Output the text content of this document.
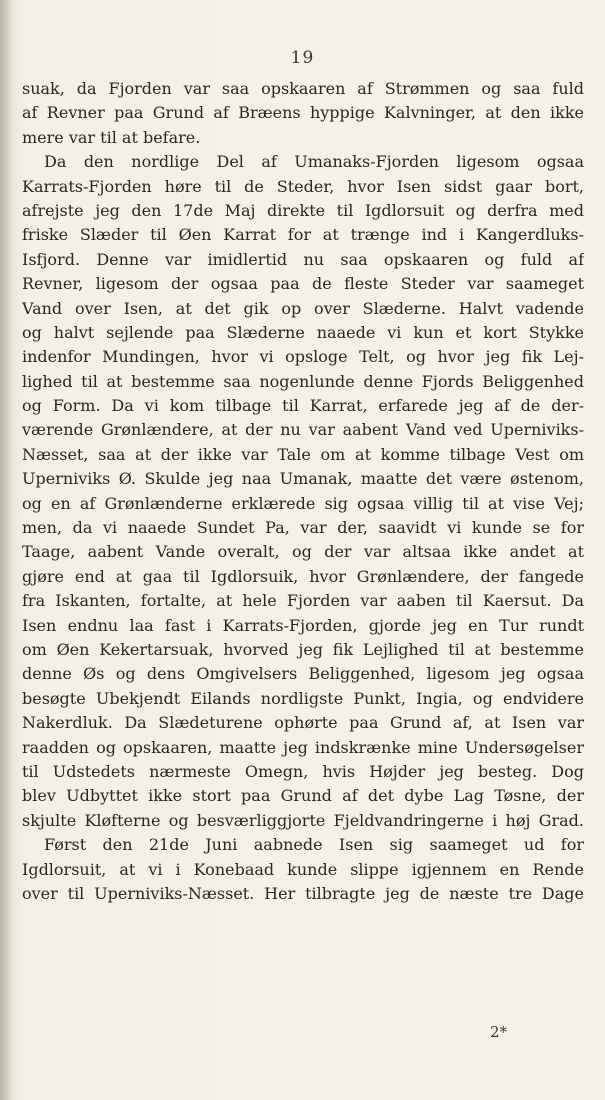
19
suak, da Fjorden var saa opskaaren af Strømmen og saa fuld
af Revner paa Grund af Bræens hyppige Kalvninger, at den ikke
mere var til at befare.
Da den nordlige Del af Umanaks-Fjorden ligesom ogsaa
Karrats-Fjorden høre til de Steder, hvor Isen sidst gaar bort,
afrejste jeg den 17de Maj direkte til Igdlorsuit og derfra med
friske Slæder til Øen Karrat for at trænge ind i Kangerdluks-
Isfjord. Denne var imidlertid nu saa opskaaren og fuld af
Revner, ligesom der ogsaa paa de fleste Steder var saameget
Vand over Isen, at det gik op over Slæderne. Halvt vadende
og halvt sejlende paa Slæderne naaede vi kun et kort Stykke
indenfor Mundingen, hvor vi opsloge Telt, og hvor jeg fik Lej-
lighed til at bestemme saa nogenlunde denne Fjords Beliggenhed
og Form. Da vi kom tilbage til Karrat, erfarede jeg af de der-
værende Grønlændere, at der nu var aabent Vand ved Uperniviks-
Næsset, saa at der ikke var Tale om at komme tilbage Vest om
Uperniviks Ø. Skulde jeg naa Umanak, maatte det være østenom,
og en af Grønlænderne erklærede sig ogsaa villig til at vise Vej;
men, da vi naaede Sundet Pa, var der, saavidt vi kunde se for
Taage, aabent Vande overalt, og der var altsaa ikke andet at
gjøre end at gaa til Igdlorsuik, hvor Grønlændere, der fangede
fra Iskanten, fortalte, at hele Fjorden var aaben til Kaersut. Da
Isen endnu laa fast i Karrats-Fjorden, gjorde jeg en Tur rundt
om Øen Kekertarsuak, hvorved jeg fik Lejlighed til at bestemme
denne Øs og dens Omgivelsers Beliggenhed, ligesom jeg ogsaa
besøgte Ubekjendt Eilands nordligste Punkt, Ingia, og endvidere
Nakerdluk. Da Slædeturene ophørte paa Grund af, at Isen var
raadden og opskaaren, maatte jeg indskrænke mine Undersøgelser
til Udstedets nærmeste Omegn, hvis Højder jeg besteg. Dog
blev Udbyttet ikke stort paa Grund af det dybe Lag Tøsne, der
skjulte Kløfterne og besværliggjorte Fjeldvandringerne i høj Grad.
Først den 21de Juni aabnede Isen sig saameget ud for
Igdlorsuit, at vi i Konebaad kunde slippe igjennem en Rende
over til Uperniviks-Næsset. Her tilbragte jeg de næste tre Dage
2*
